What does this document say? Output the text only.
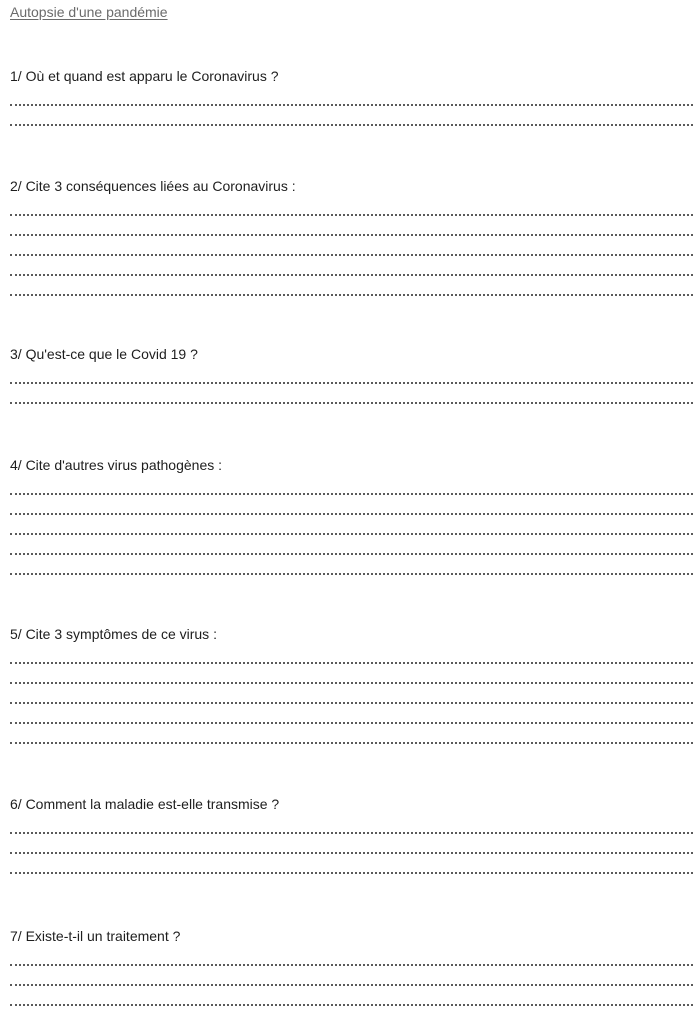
Autopsie d'une pandémie
1/ Où et quand est apparu le Coronavirus ?
2/ Cite 3 conséquences liées au Coronavirus :
3/ Qu'est-ce que le Covid 19 ?
4/ Cite d'autres virus pathogènes :
5/ Cite 3 symptômes de ce virus :
6/ Comment la maladie est-elle transmise ?
7/ Existe-t-il un traitement ?
